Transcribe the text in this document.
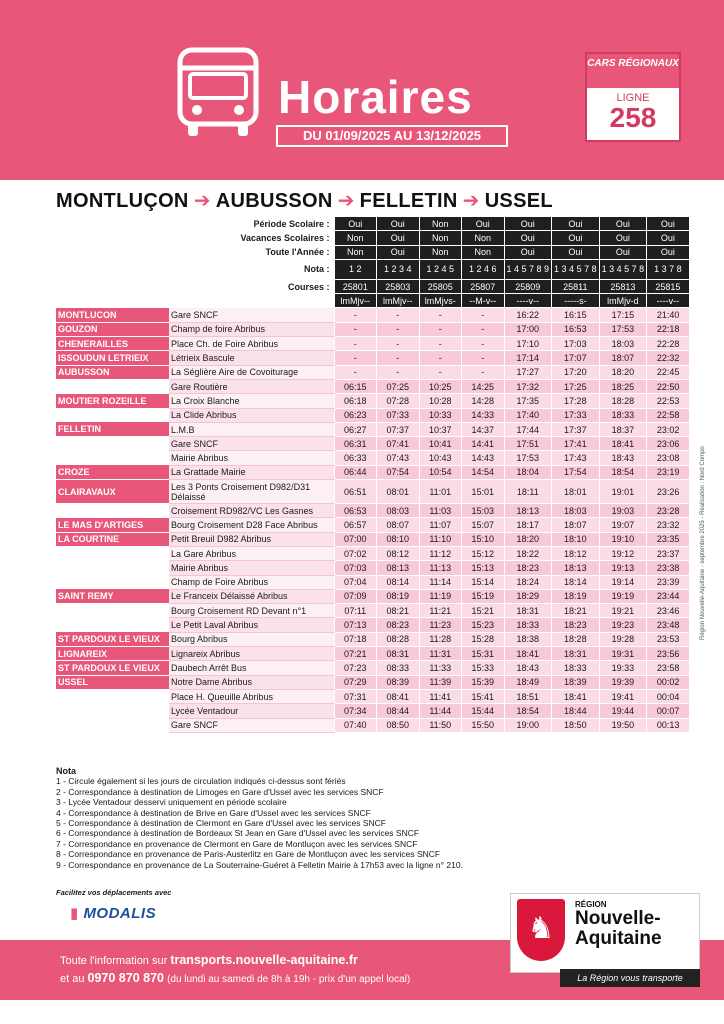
Horaires
DU 01/09/2025 AU 13/12/2025
CARS RÉGIONAUX
LIGNE
258
MONTLUÇON ➔ AUBUSSON ➔ FELLETIN ➔ USSEL
Période Scolaire :		Oui	Oui	Non	Oui	Oui	Oui	Oui	Oui
Vacances Scolaires :		Non	Oui	Non	Non	Oui	Oui	Oui	Oui
Toute l'Année :		Non	Oui	Non	Non	Oui	Oui	Oui	Oui
Nota :		1 2	1 2 3 4	1 2 4 5	1 2 4 6	1 4 5 7 8 9	1 3 4 5 7 8	1 3 4 5 7 8	1 3 7 8
Courses :		25801	25803	25805	25807	25809	25811	25813	25815
		lmMjv--	lmMjv--	lmMjvs-	--M-v--	----v--	-----s-	lmMjv-d	----v--
MONTLUCON	Gare SNCF	-	-	-	-	16:22	16:15	17:15	21:40
GOUZON	Champ de foire Abribus	-	-	-	-	17:00	16:53	17:53	22:18
CHENERAILLES	Place Ch. de Foire Abribus	-	-	-	-	17:10	17:03	18:03	22:28
ISSOUDUN LETRIEIX	Létrieix Bascule	-	-	-	-	17:14	17:07	18:07	22:32
AUBUSSON	La Séglière Aire de Covoiturage	-	-	-	-	17:27	17:20	18:20	22:45
	Gare Routière	06:15	07:25	10:25	14:25	17:32	17:25	18:25	22:50
MOUTIER ROZEILLE	La Croix Blanche	06:18	07:28	10:28	14:28	17:35	17:28	18:28	22:53
	La Clide Abribus	06:23	07:33	10:33	14:33	17:40	17:33	18:33	22:58
FELLETIN	L.M.B	06:27	07:37	10:37	14:37	17:44	17:37	18:37	23:02
	Gare SNCF	06:31	07:41	10:41	14:41	17:51	17:41	18:41	23:06
	Mairie Abribus	06:33	07:43	10:43	14:43	17:53	17:43	18:43	23:08
CROZE	La Grattade Mairie	06:44	07:54	10:54	14:54	18:04	17:54	18:54	23:19
CLAIRAVAUX	Les 3 Ponts Croisement D982/D31 Délaissé	06:51	08:01	11:01	15:01	18:11	18:01	19:01	23:26
	Croisement RD982/VC Les Gasnes	06:53	08:03	11:03	15:03	18:13	18:03	19:03	23:28
LE MAS D'ARTIGES	Bourg Croisement D28 Face Abribus	06:57	08:07	11:07	15:07	18:17	18:07	19:07	23:32
LA COURTINE	Petit Breuil D982 Abribus	07:00	08:10	11:10	15:10	18:20	18:10	19:10	23:35
	La Gare Abribus	07:02	08:12	11:12	15:12	18:22	18:12	19:12	23:37
	Mairie Abribus	07:03	08:13	11:13	15:13	18:23	18:13	19:13	23:38
	Champ de Foire Abribus	07:04	08:14	11:14	15:14	18:24	18:14	19:14	23:39
SAINT REMY	Le Franceix Délaissé Abribus	07:09	08:19	11:19	15:19	18:29	18:19	19:19	23:44
	Bourg Croisement RD Devant n°1	07:11	08:21	11:21	15:21	18:31	18:21	19:21	23:46
	Le Petit Laval Abribus	07:13	08:23	11:23	15:23	18:33	18:23	19:23	23:48
ST PARDOUX LE VIEUX	Bourg Abribus	07:18	08:28	11:28	15:28	18:38	18:28	19:28	23:53
LIGNAREIX	Lignareix Abribus	07:21	08:31	11:31	15:31	18:41	18:31	19:31	23:56
ST PARDOUX LE VIEUX	Daubech Arrêt Bus	07:23	08:33	11:33	15:33	18:43	18:33	19:33	23:58
USSEL	Notre Dame Abribus	07:29	08:39	11:39	15:39	18:49	18:39	19:39	00:02
	Place H. Queuille Abribus	07:31	08:41	11:41	15:41	18:51	18:41	19:41	00:04
	Lycée Ventadour	07:34	08:44	11:44	15:44	18:54	18:44	19:44	00:07
	Gare SNCF	07:40	08:50	11:50	15:50	19:00	18:50	19:50	00:13
Nota
1 - Circule également si les jours de circulation indiqués ci-dessus sont fériés
2 - Correspondance à destination de Limoges en Gare d'Ussel avec les services SNCF
3 - Lycée Ventadour desservi uniquement en période scolaire
4 - Correspondance à destination de Brive en Gare d'Ussel avec les services SNCF
5 - Correspondance à destination de Clermont en Gare d'Ussel avec les services SNCF
6 - Correspondance à destination de Bordeaux St Jean en Gare d'Ussel avec les services SNCF
7 - Correspondance en provenance de Clermont en Gare de Montluçon avec les services SNCF
8 - Correspondance en provenance de Paris-Austerlitz en Gare de Montluçon avec les services SNCF
9 - Correspondance en provenance de La Souterraine-Guéret à Felletin Mairie à 17h53 avec la ligne n° 210.
Région Nouvelle-Aquitaine - septembre 2025 - Réalisation : Nord Compo
Facilitez vos déplacements avec
▮ MODALIS
Toute l'information sur transports.nouvelle-aquitaine.fr
et au 0970 870 870 (du lundi au samedi de 8h à 19h - prix d'un appel local)
♞
RÉGION
Nouvelle-
Aquitaine
La Région vous transporte
